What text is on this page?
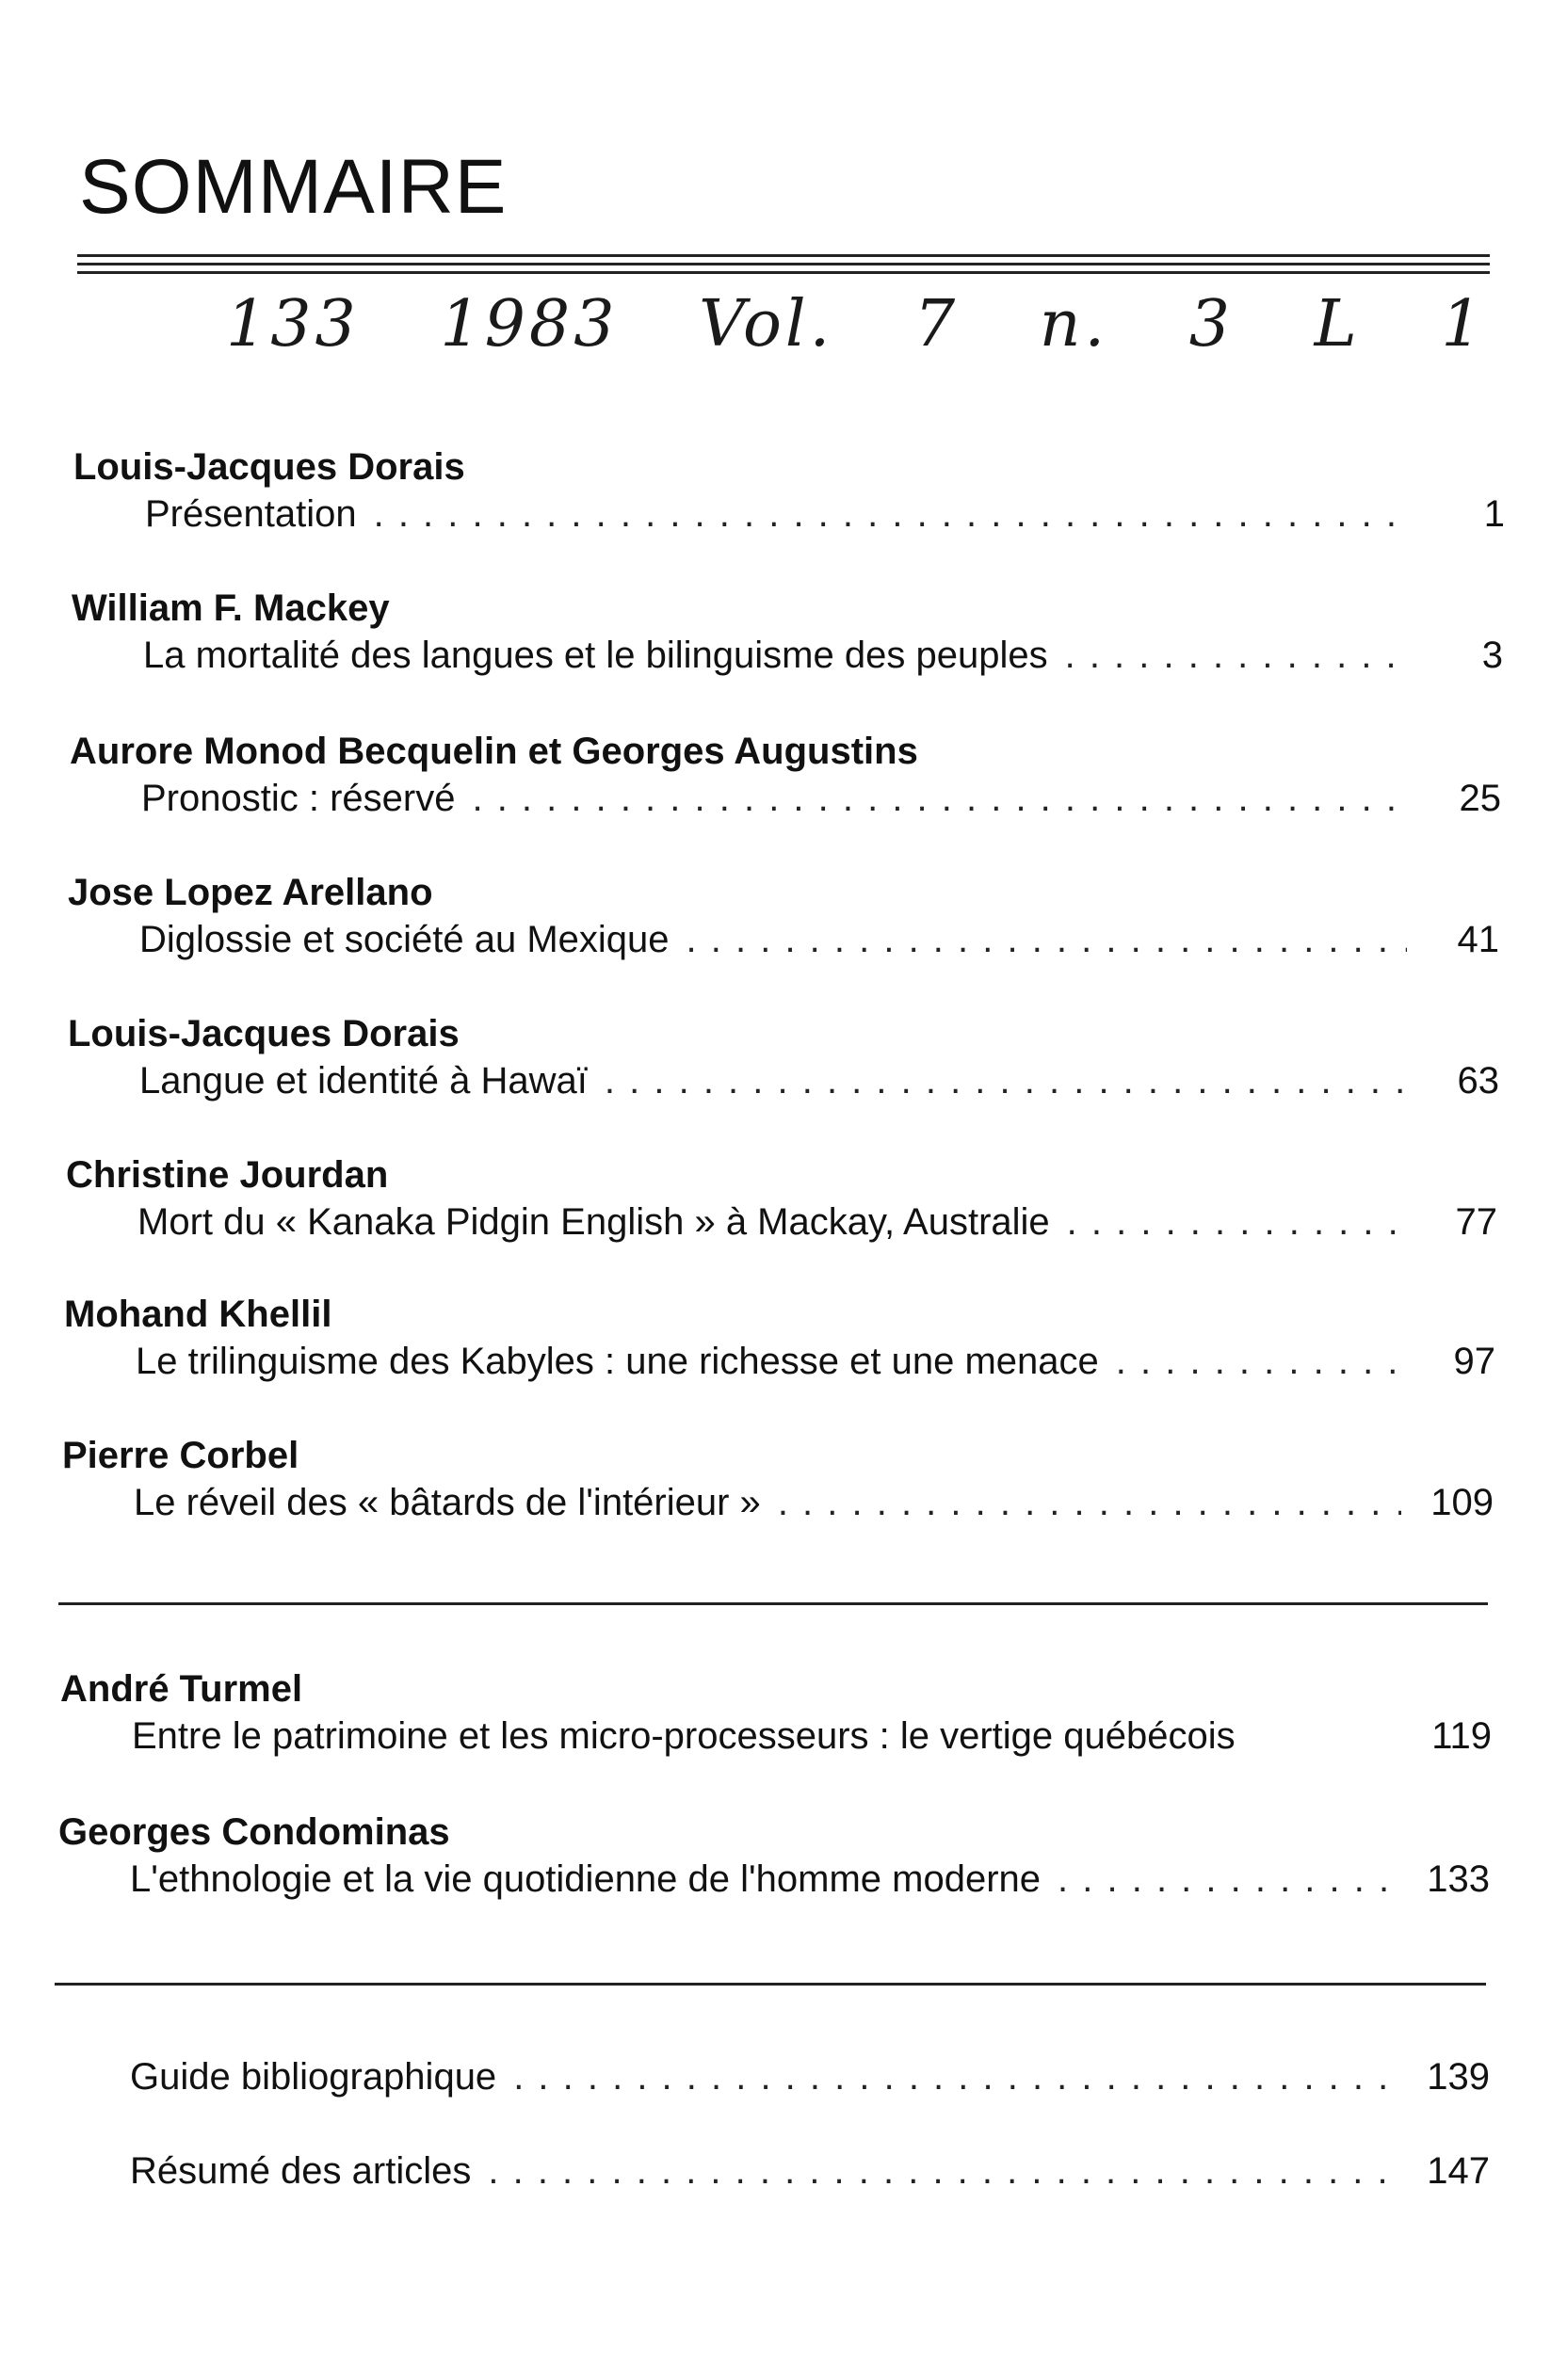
SOMMAIRE
133 1983 Vol. 7 n. 3 L 1
Louis-Jacques Dorais
Présentation . . .	1
William F. Mackey
La mortalité des langues et le bilinguisme des peuples . . .	3
Aurore Monod Becquelin et Georges Augustins
Pronostic : réservé . . .	25
Jose Lopez Arellano
Diglossie et société au Mexique . . .	41
Louis-Jacques Dorais
Langue et identité à Hawaï . . .	63
Christine Jourdan
Mort du « Kanaka Pidgin English » à Mackay, Australie . . .	77
Mohand Khellil
Le trilinguisme des Kabyles : une richesse et une menace . . .	97
Pierre Corbel
Le réveil des « bâtards de l'intérieur » . . .	109
André Turmel
Entre le patrimoine et les micro-processeurs : le vertige québécois	119
Georges Condominas
L'ethnologie et la vie quotidienne de l'homme moderne . . .	133
Guide bibliographique . . .	139
Résumé des articles . . .	147
